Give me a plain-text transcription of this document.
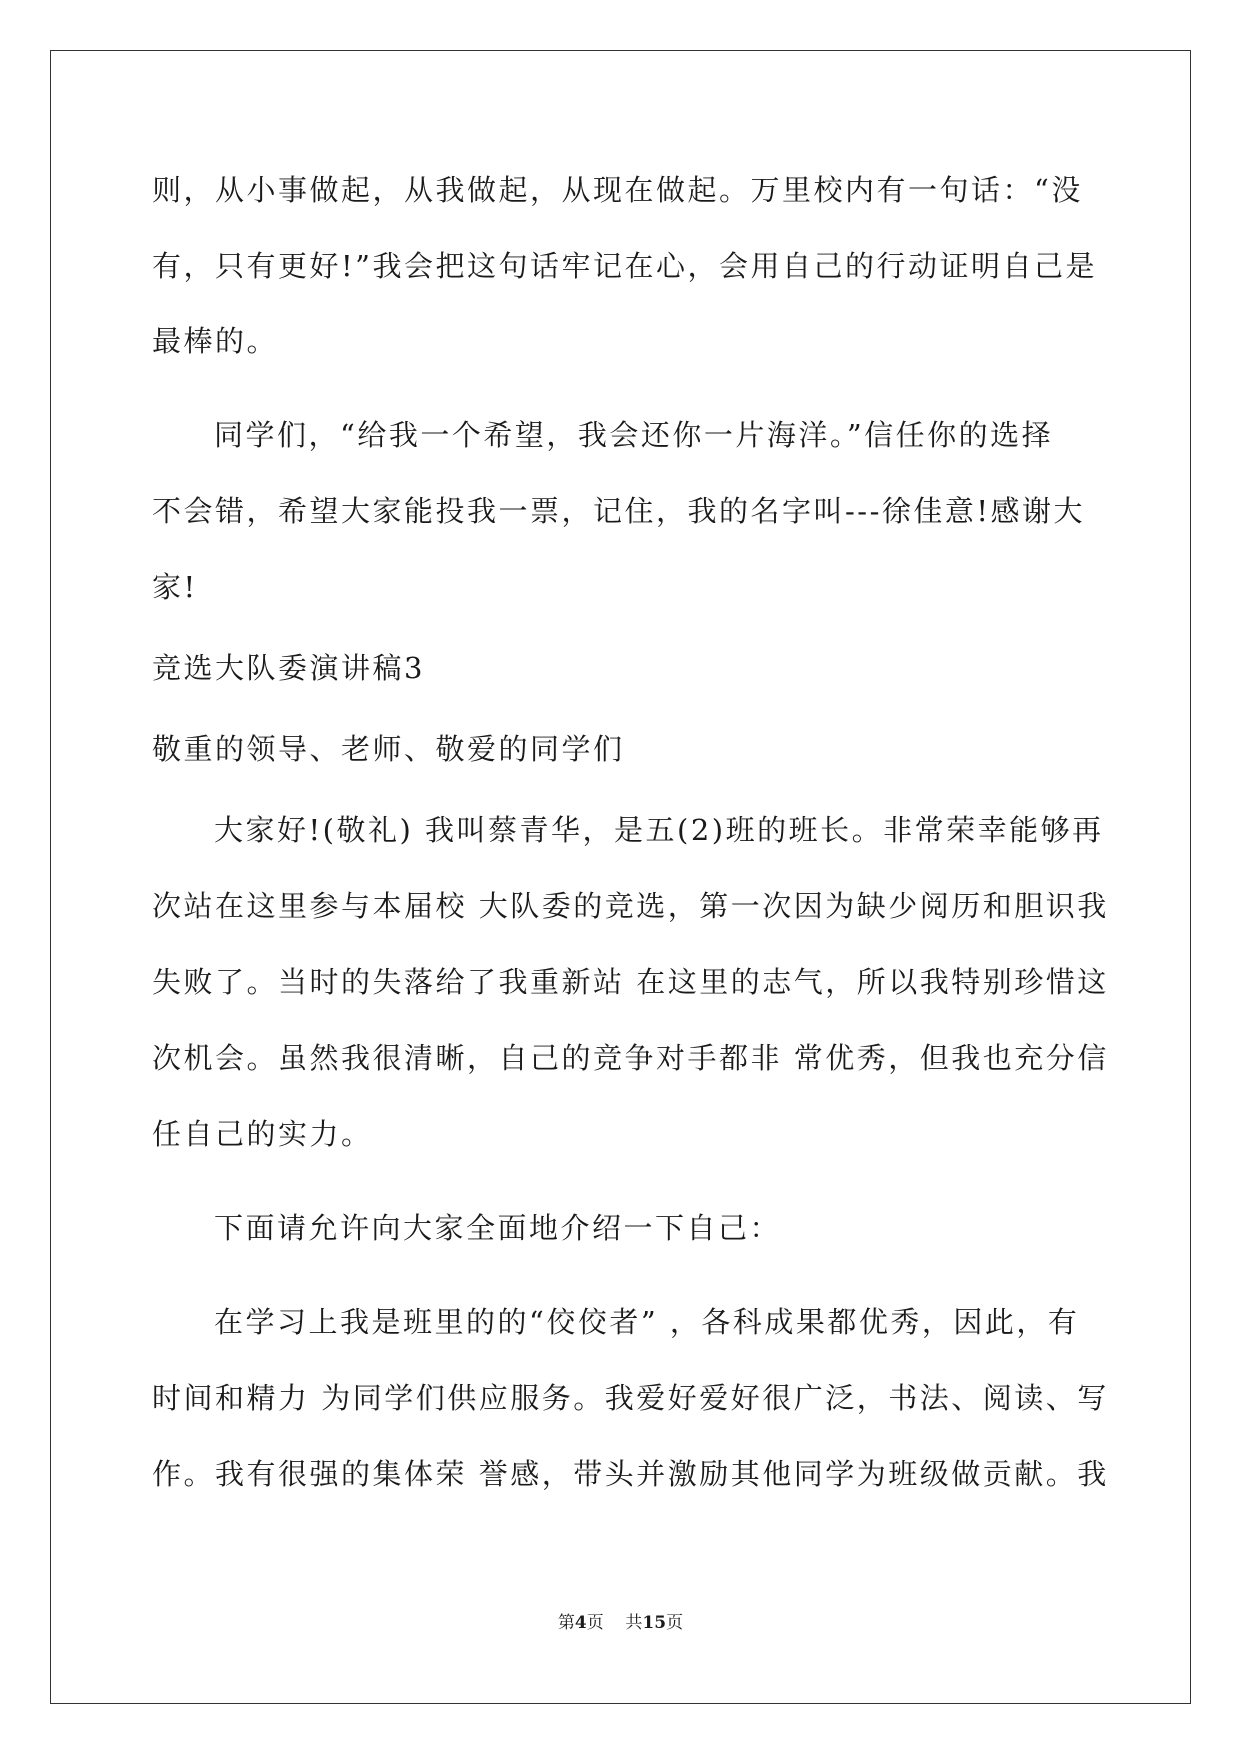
则，从小事做起，从我做起，从现在做起。万里校内有一句话：“没
有，只有更好!”我会把这句话牢记在心，会用自己的行动证明自己是
最棒的。
同学们，“给我一个希望，我会还你一片海洋。”信任你的选择
不会错，希望大家能投我一票，记住，我的名字叫---徐佳意!感谢大
家!
竞选大队委演讲稿3
敬重的领导、老师、敬爱的同学们
大家好!(敬礼) 我叫蔡青华，是五(2)班的班长。非常荣幸能够再
次站在这里参与本届校 大队委的竞选，第一次因为缺少阅历和胆识我
失败了。当时的失落给了我重新站 在这里的志气，所以我特别珍惜这
次机会。虽然我很清晰，自己的竞争对手都非 常优秀，但我也充分信
任自己的实力。
下面请允许向大家全面地介绍一下自己：
在学习上我是班里的的“佼佼者” ，各科成果都优秀，因此，有
时间和精力 为同学们供应服务。我爱好爱好很广泛，书法、阅读、写
作。我有很强的集体荣 誉感，带头并激励其他同学为班级做贡献。我
第4页 共15页
